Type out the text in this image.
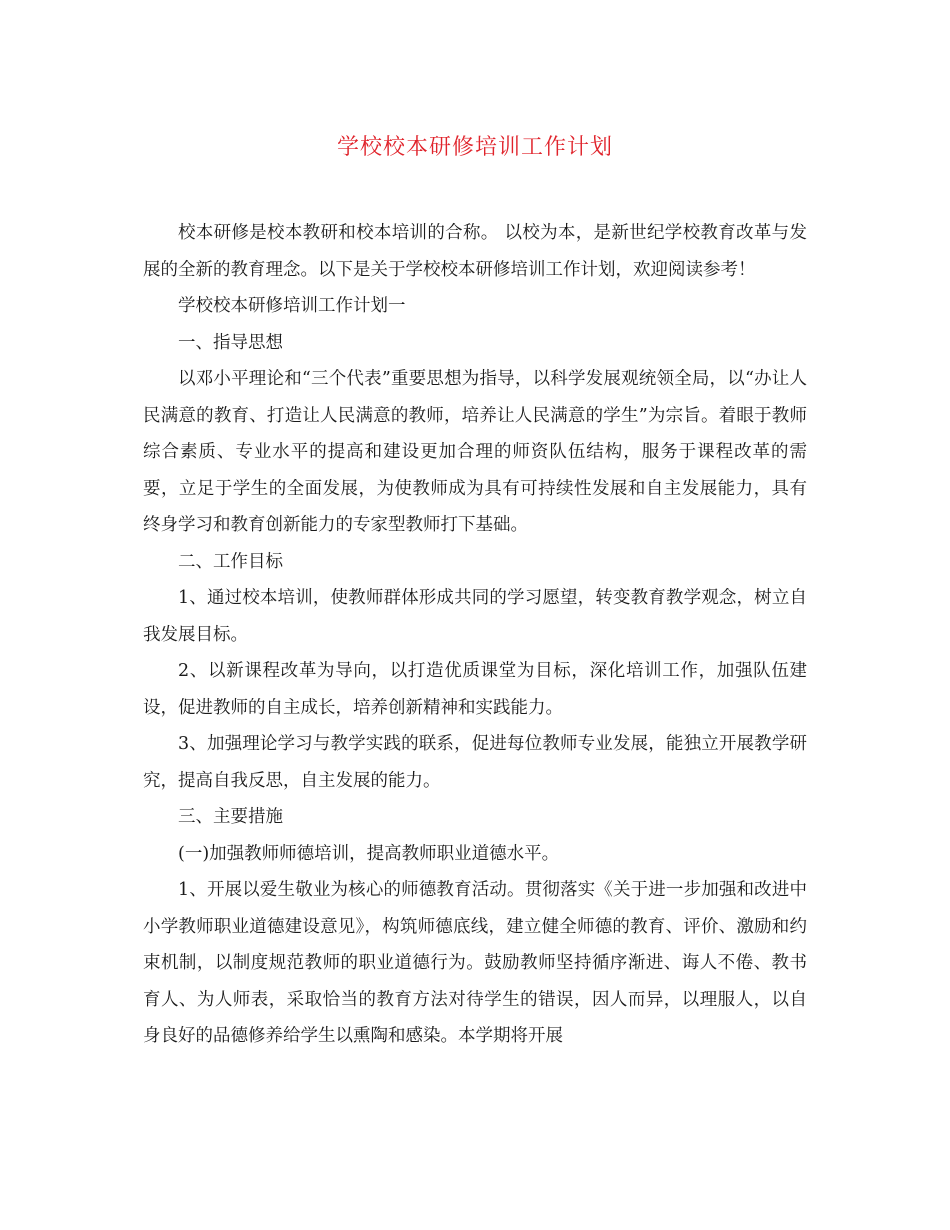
学校校本研修培训工作计划

校本研修是校本教研和校本培训的合称。 以校为本，是新世纪学校教育改革与发展的全新的教育理念。以下是关于学校校本研修培训工作计划，欢迎阅读参考！

学校校本研修培训工作计划一

一、指导思想

以邓小平理论和“三个代表”重要思想为指导，以科学发展观统领全局，以“办让人民满意的教育、打造让人民满意的教师，培养让人民满意的学生”为宗旨。着眼于教师综合素质、专业水平的提高和建设更加合理的师资队伍结构，服务于课程改革的需要，立足于学生的全面发展，为使教师成为具有可持续性发展和自主发展能力，具有终身学习和教育创新能力的专家型教师打下基础。

二、工作目标

1、通过校本培训，使教师群体形成共同的学习愿望，转变教育教学观念，树立自我发展目标。

2、以新课程改革为导向，以打造优质课堂为目标，深化培训工作，加强队伍建设，促进教师的自主成长，培养创新精神和实践能力。

3、加强理论学习与教学实践的联系，促进每位教师专业发展，能独立开展教学研究，提高自我反思，自主发展的能力。

三、主要措施

(一)加强教师师德培训，提高教师职业道德水平。

1、开展以爱生敬业为核心的师德教育活动。贯彻落实《关于进一步加强和改进中小学教师职业道德建设意见》，构筑师德底线，建立健全师德的教育、评价、激励和约束机制，以制度规范教师的职业道德行为。鼓励教师坚持循序渐进、诲人不倦、教书育人、为人师表，采取恰当的教育方法对待学生的错误，因人而异，以理服人，以自身良好的品德修养给学生以熏陶和感染。本学期将开展
